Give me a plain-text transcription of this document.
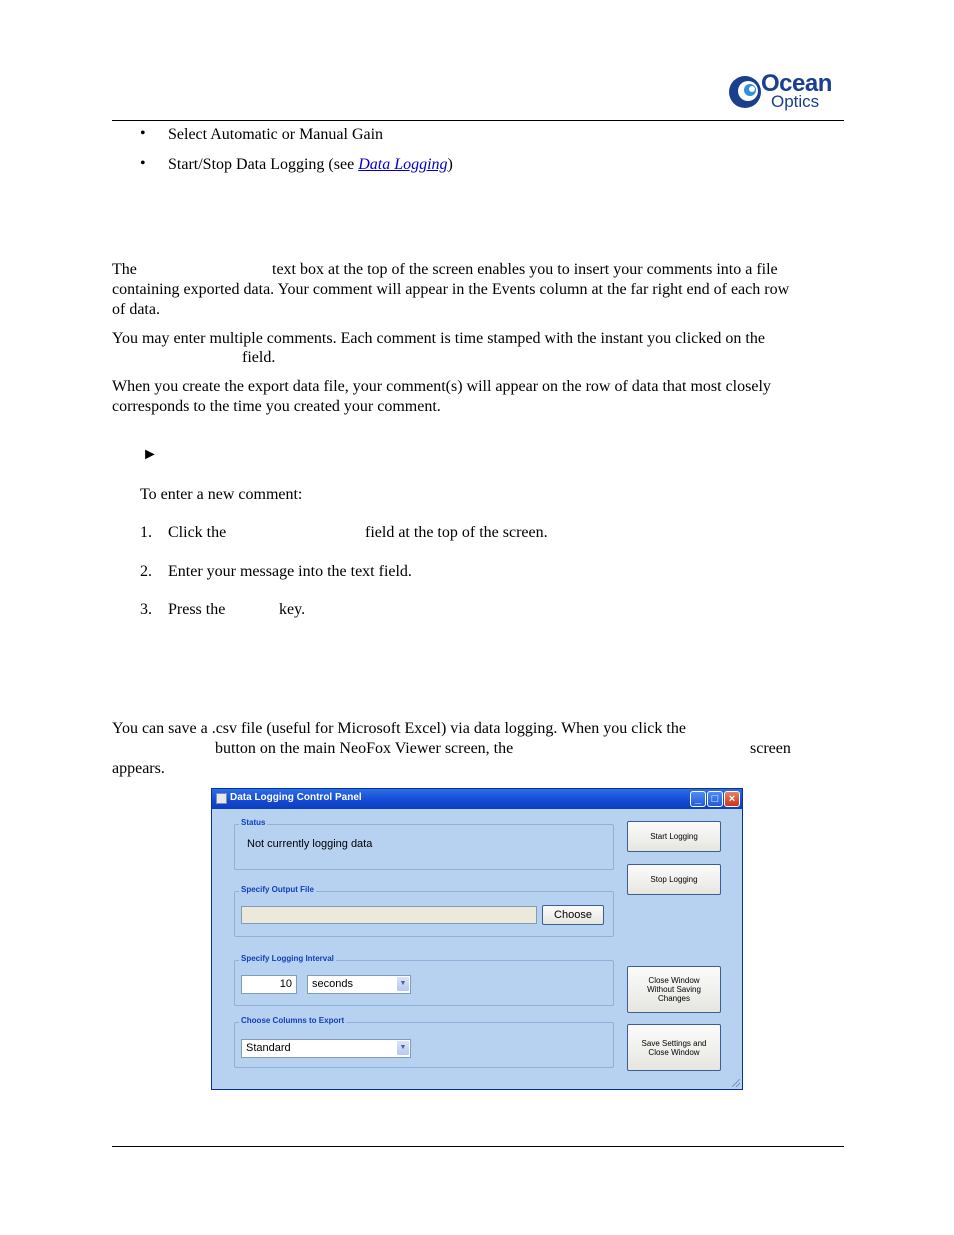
Ocean
Optics
• Select Automatic or Manual Gain
• Start/Stop Data Logging (see Data Logging)
The	text box at the top of the screen enables you to insert your comments into a file
containing exported data. Your comment will appear in the Events column at the far right end of each row
of data.
You may enter multiple comments. Each comment is time stamped with the instant you clicked on the
field.
When you create the export data file, your comment(s) will appear on the row of data that most closely
corresponds to the time you created your comment.
►
To enter a new comment:
1. Click the	field at the top of the screen.
2. Enter your message into the text field.
3. Press the	key.
You can save a .csv file (useful for Microsoft Excel) via data logging. When you click the
button on the main NeoFox Viewer screen, the	screen
appears.
Data Logging Control Panel	_ □ ×
Status
Not currently logging data
Specify Output File
Choose
Specify Logging Interval
10	seconds	▼
Choose Columns to Export
Standard	▼
Start Logging
Stop Logging
Close Window Without Saving Changes
Save Settings and Close Window
